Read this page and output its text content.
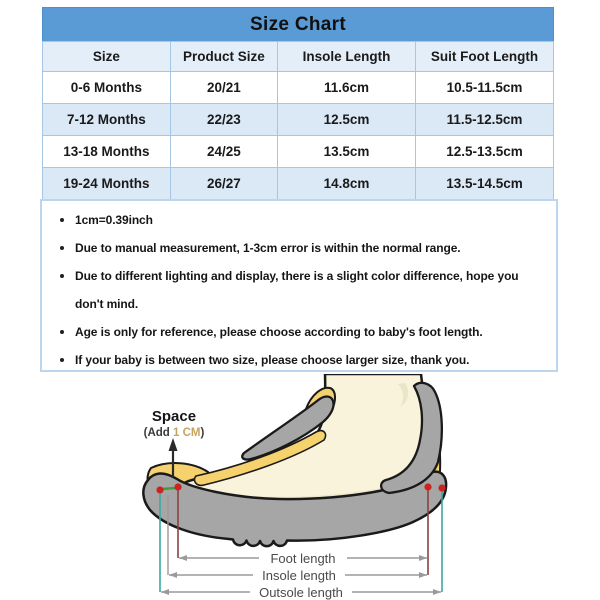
Size Chart
Size	Product Size	Insole Length	Suit Foot Length
0-6 Months	20/21	11.6cm	10.5-11.5cm
7-12 Months	22/23	12.5cm	11.5-12.5cm
13-18 Months	24/25	13.5cm	12.5-13.5cm
19-24 Months	26/27	14.8cm	13.5-14.5cm
1cm=0.39inch
Due to manual measurement, 1-3cm error is within the normal range.
Due to different lighting and display, there is a slight color difference, hope you don't mind.
Age is only for reference, please choose according to baby's foot length.
If your baby is between two size, please choose larger size, thank you.
Space
(Add 1 CM)
Foot length
Insole length
Outsole length
